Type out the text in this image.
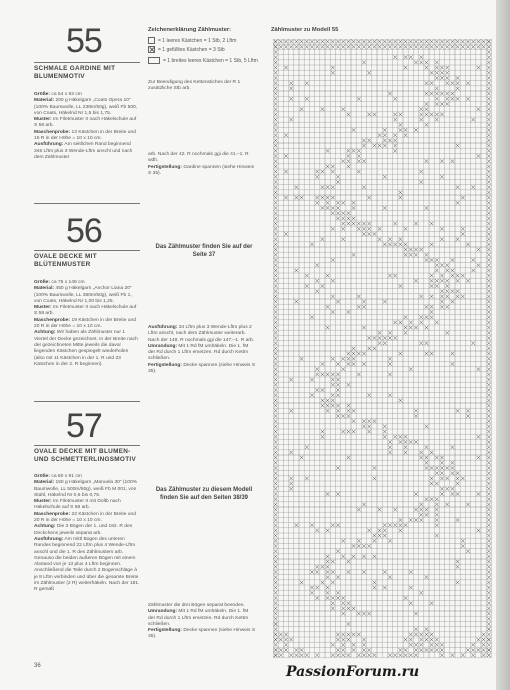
55
SCHMALE GARDINE MIT BLUMENMOTIV

Größe: ca 54 x 93 cm

Material: 200 g Häkelgarn „Coats Opera 10“ (100% Baumwolle, LL 238m/50g), weiß Fb 500, von Coats, Häkelnd Nr 1,5 bis 1,75.

Muster: Im Filetmuster II nach Häkelschule auf S 58 arb.

Maschenprobe: 13 Kästchen in der Breite und 15 R in der Höhe = 10 x 10 cm.

Ausführung: Am seitlichen Rand beginnend 346 Lftm plus 3 Wende-Lftm anschl und nach dem Zählmuster

56
OVALE DECKE MIT BLÜTENMUSTER

Größe: ca 75 x 148 cm

Material: 450 g Häkelgarn „Anchor Liana 20“ (100% Baumwolle, LL 380m/50g), weiß Fb 1, von Coats, Häkelnd Nr 1,00 bis 1,25.

Muster: Im Filetmuster II nach Häkelschule auf S 58 arb.

Maschenprobe: 19 Kästchen in der Breite und 20 R in der Höhe = 10 x 10 cm.

Achtung: Wir haben als Zählmuster nur 1 Viertel der Decke gezeichnet. In der Breite nach der gezeichneten Mitte jeweils die davor liegenden Kästchen gespiegelt wiederholen (also mit 11 Kästchen in der 1. R und 23 Kästchen in der 2. R beginnen).

57
OVALE DECKE MIT BLUMEN- UND SCHMETTERLINGSMOTIV

Größe: ca 60 x 91 cm

Material: 150 g Häkelgarn „Manuela 30“ (100% Baumwolle, LL 500m/50g), weiß Fb M 001, von Stahl, Häkelnd Nr 0,6 bis 0,75.

Muster: Im Filetmuster II mit Doltb nach Häkelschule auf S 58 arb.

Maschenprobe: 22 Kästchen in der Breite und 20 R in der Höhe = 10 x 10 cm.

Achtung: Die 3 Bögen der 1. und 182. R des Deckchens jeweils separat arb.

Ausführung: Am mittl Bogen des unteren Randes beginnend 22 Lftm plus 4 Wende-Lftm anschl und die 1. R des Zählmusters arb. Genauso die beiden äußeren Bögen mit einem Abstand von je 13 plus 4 Lftm beginnen. Anschließend die Teile durch 2 Bogenschläge à je 8 Lftm verbinden und über die gesamte Breite im Zählmuster (2 R) weiterhäkeln. Nach der 181. R gemäß

Zeichenerklärung Zählmuster:
= 1 leeres Kästchen = 1 Stb, 2 Lftm
= 1 gefülltes Kästchen = 3 Stb
= 1 breites leeres Kästchen = 1 Stb, 5 Lftm
Zur Beendigung des Kettenstiches der R 1 zusätzliche Stb arb.

arb. Nach der 42. R nochmals ggi die 41.–1. R wdh.

Fertigstellung: Gardine spannen (siehe Hinweis S 35).

Das Zählmuster finden Sie auf der Seite 37

Ausführung: 34 Lftm plus 3 Wende-Lftm plus 2 Lftm anschl, nach dem Zählmuster weiterarb. Nach der 148. R nochmals ggi die 147.–1. R arb.

Umrandung: Mit 1 Rd fM umhäkeln. Die 1. fM der Rd durch 1 Lftm ersetzen. Rd durch Kettm schließen.

Fertigstellung: Decke spannen (siehe Hinweis S 35).

Das Zählmuster zu diesem Modell finden Sie auf den Seiten 38/39

Zählmuster die drei Bögen separat beenden.

Umrandung: Mit 1 Rd fM umhäkeln. Die 1. fM der Rd durch 1 Lftm ersetzen. Rd durch Kettm schließen.

Fertigstellung: Decke spannen (siehe Hinweis S 35).

Zählmuster zu Modell 55
36	PassionForum.ru
